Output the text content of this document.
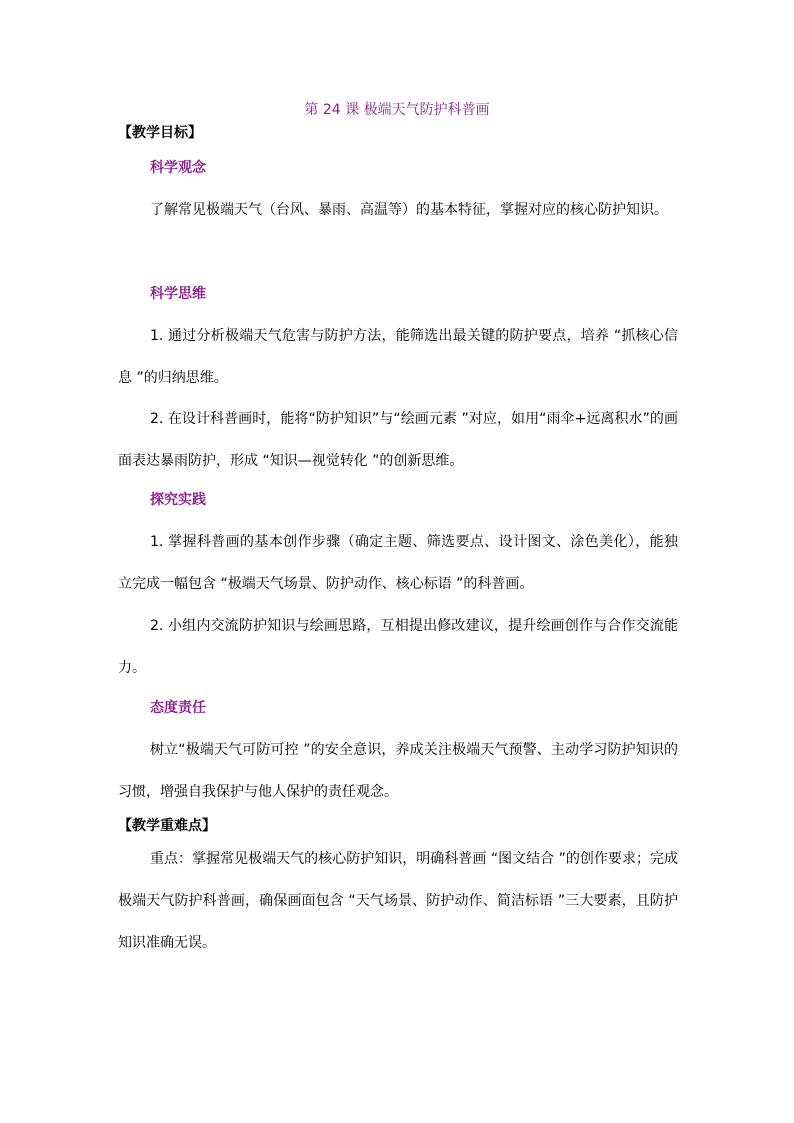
第 24 课 极端天气防护科普画
【教学目标】
科学观念

了解常见极端天气（台风、暴雨、高温等）的基本特征，掌握对应的核心防护知识。

科学思维

1. 通过分析极端天气危害与防护方法，能筛选出最关键的防护要点，培养 “抓核心信息 ”的归纳思维。

2. 在设计科普画时，能将“防护知识”与“绘画元素 ”对应，如用“雨伞+远离积水”的画面表达暴雨防护，形成 “知识—视觉转化 ”的创新思维。

探究实践

1. 掌握科普画的基本创作步骤（确定主题、筛选要点、设计图文、涂色美化），能独立完成一幅包含 “极端天气场景、防护动作、核心标语 ”的科普画。

2. 小组内交流防护知识与绘画思路，互相提出修改建议，提升绘画创作与合作交流能力。

态度责任

树立“极端天气可防可控 ”的安全意识，养成关注极端天气预警、主动学习防护知识的习惯，增强自我保护与他人保护的责任观念。

【教学重难点】

重点：掌握常见极端天气的核心防护知识，明确科普画 “图文结合 ”的创作要求；完成极端天气防护科普画，确保画面包含 “天气场景、防护动作、简洁标语 ”三大要素，且防护知识准确无误。
